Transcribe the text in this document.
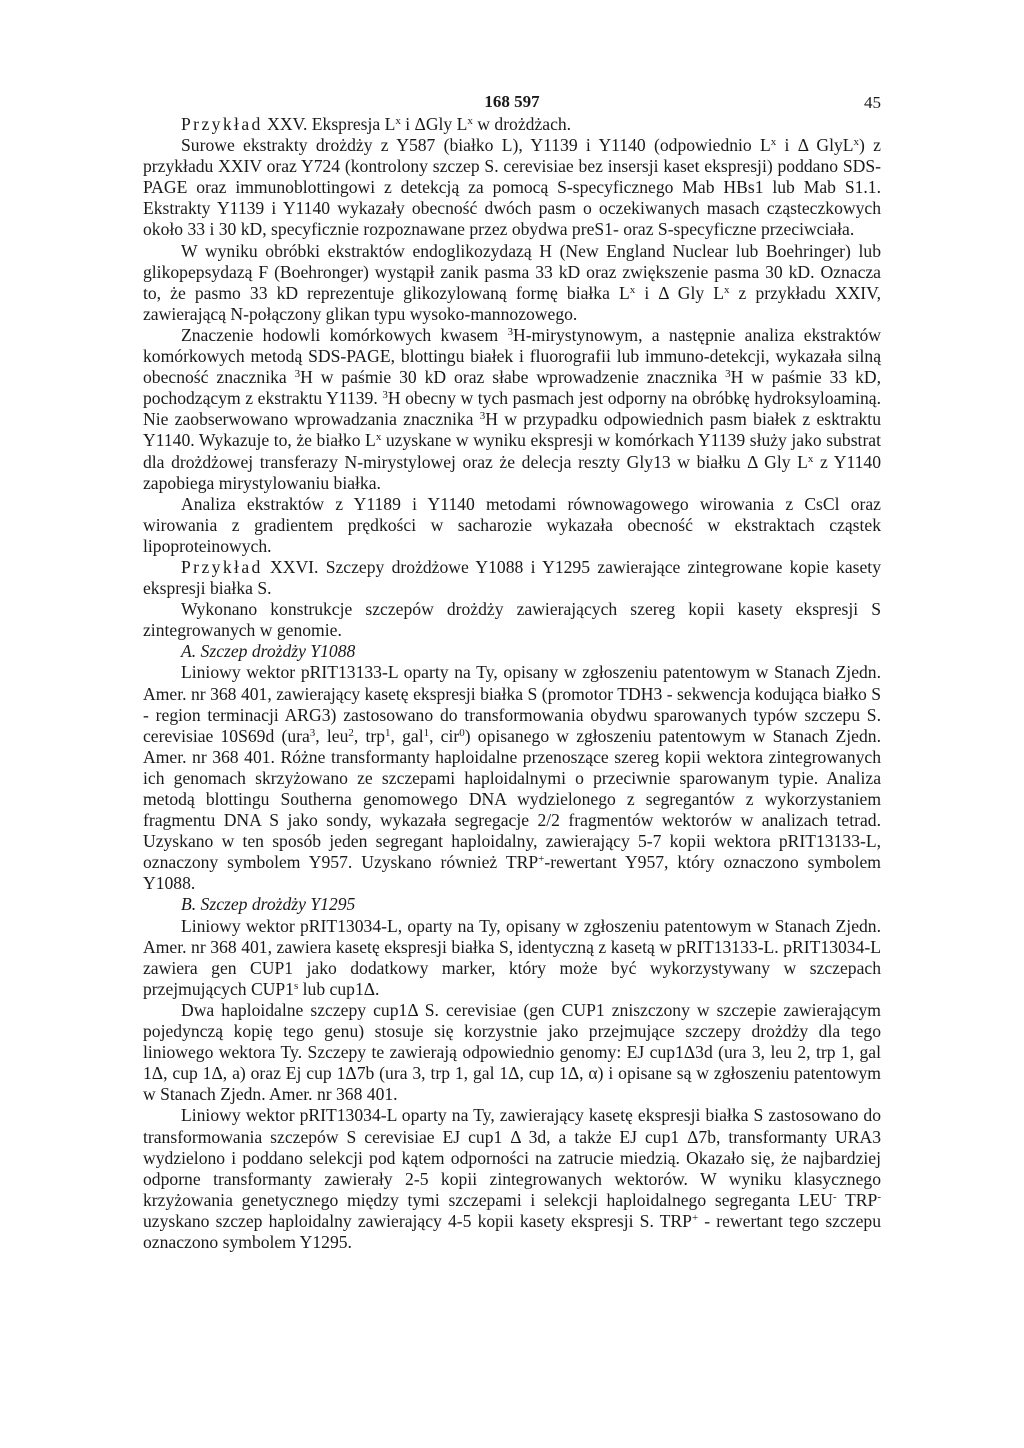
168 597	45

Przykład XXV. Ekspresja $L^x$ i ΔGly $L^x$ w drożdżach.

Surowe ekstrakty drożdży z Y587 (białko L), Y1139 i Y1140 (odpowiednio $L^x$ i Δ GlyL$^x$) z przykładu XXIV oraz Y724 (kontrolony szczep S. cerevisiae bez insersji kaset ekspresji) poddano SDS-PAGE oraz immunoblottingowi z detekcją za pomocą S-specyficznego Mab HBs1 lub Mab S1.1. Ekstrakty Y1139 i Y1140 wykazały obecność dwóch pasm o oczekiwanych masach cząsteczkowych około 33 i 30 kD, specyficznie rozpoznawane przez obydwa preS1- oraz S-specyficzne przeciwciała.

W wyniku obróbki ekstraktów endoglikozydazą H (New England Nuclear lub Boehringer) lub glikopepsydazą F (Boehronger) wystąpił zanik pasma 33 kD oraz zwiększenie pasma 30 kD. Oznacza to, że pasmo 33 kD reprezentuje glikozylowaną formę białka $L^x$ i Δ Gly $L^x$ z przykładu XXIV, zawierającą N-połączony glikan typu wysoko-mannozowego.

Znaczenie hodowli komórkowych kwasem $^3$H-mirystynowym, a następnie analiza ekstraktów komórkowych metodą SDS-PAGE, blottingu białek i fluorografii lub immuno-detekcji, wykazała silną obecność znacznika $^3$H w paśmie 30 kD oraz słabe wprowadzenie znacznika $^3$H w paśmie 33 kD, pochodzącym z ekstraktu Y1139. $^3$H obecny w tych pasmach jest odporny na obróbkę hydroksyloaminą. Nie zaobserwowano wprowadzania znacznika $^3$H w przypadku odpowiednich pasm białek z esktraktu Y1140. Wykazuje to, że białko $L^x$ uzyskane w wyniku ekspresji w komórkach Y1139 służy jako substrat dla drożdżowej transferazy N-mirystylowej oraz że delecja reszty Gly13 w białku Δ Gly $L^x$ z Y1140 zapobiega mirystylowaniu białka.

Analiza ekstraktów z Y1189 i Y1140 metodami równowagowego wirowania z CsCl oraz wirowania z gradientem prędkości w sacharozie wykazała obecność w ekstraktach cząstek lipoproteinowych.

Przykład XXVI. Szczepy drożdżowe Y1088 i Y1295 zawierające zintegrowane kopie kasety ekspresji białka S.

Wykonano konstrukcje szczepów drożdży zawierających szereg kopii kasety ekspresji S zintegrowanych w genomie.

A. Szczep drożdży Y1088

Liniowy wektor pRIT13133-L oparty na Ty, opisany w zgłoszeniu patentowym w Stanach Zjedn. Amer. nr 368 401, zawierający kasetę ekspresji białka S (promotor TDH3 - sekwencja kodująca białko S - region terminacji ARG3) zastosowano do transformowania obydwu sparowanych typów szczepu S. cerevisiae 10S69d (ura$^3$, leu$^2$, trp$^1$, gal$^1$, cir$^0$) opisanego w zgłoszeniu patentowym w Stanach Zjedn. Amer. nr 368 401. Różne transformanty haploidalne przenoszące szereg kopii wektora zintegrowanych ich genomach skrzyżowano ze szczepami haploidalnymi o przeciwnie sparowanym typie. Analiza metodą blottingu Southerna genomowego DNA wydzielonego z segregantów z wykorzystaniem fragmentu DNA S jako sondy, wykazała segregacje 2/2 fragmentów wektorów w analizach tetrad. Uzyskano w ten sposób jeden segregant haploidalny, zawierający 5-7 kopii wektora pRIT13133-L, oznaczony symbolem Y957. Uzyskano również TRP+-rewertant Y957, który oznaczono symbolem Y1088.

B. Szczep drożdży Y1295

Liniowy wektor pRIT13034-L, oparty na Ty, opisany w zgłoszeniu patentowym w Stanach Zjedn. Amer. nr 368 401, zawiera kasetę ekspresji białka S, identyczną z kasetą w pRIT13133-L. pRIT13034-L zawiera gen CUP1 jako dodatkowy marker, który może być wykorzystywany w szczepach przejmujących CUP1$^s$ lub cup1Δ.

Dwa haploidalne szczepy cup1Δ S. cerevisiae (gen CUP1 zniszczony w szczepie zawierającym pojedynczą kopię tego genu) stosuje się korzystnie jako przejmujące szczepy drożdży dla tego liniowego wektora Ty. Szczepy te zawierają odpowiednio genomy: EJ cup1Δ3d (ura 3, leu 2, trp 1, gal 1Δ, cup 1Δ, a) oraz Ej cup 1Δ7b (ura 3, trp 1, gal 1Δ, cup 1Δ, α) i opisane są w zgłoszeniu patentowym w Stanach Zjedn. Amer. nr 368 401.

Liniowy wektor pRIT13034-L oparty na Ty, zawierający kasetę ekspresji białka S zastosowano do transformowania szczepów S cerevisiae EJ cup1 Δ 3d, a także EJ cup1 Δ7b, transformanty URA3 wydzielono i poddano selekcji pod kątem odporności na zatrucie miedzią. Okazało się, że najbardziej odporne transformanty zawierały 2-5 kopii zintegrowanych wektorów. W wyniku klasycznego krzyżowania genetycznego między tymi szczepami i selekcji haploidalnego segreganta LEU- TRP- uzyskano szczep haploidalny zawierający 4-5 kopii kasety ekspresji S. TRP+ - rewertant tego szczepu oznaczono symbolem Y1295.
